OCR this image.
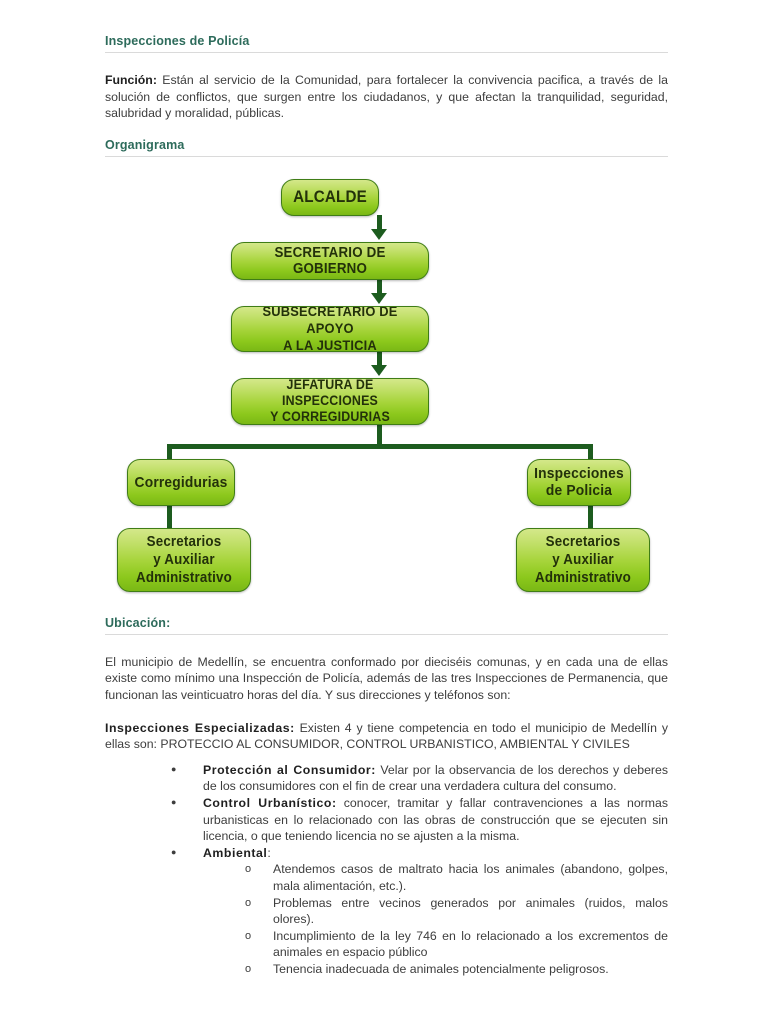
Inspecciones de Policía

Función: Están al servicio de la Comunidad, para fortalecer la convivencia pacifica, a través de la solución de conflictos, que surgen entre los ciudadanos, y que afectan la tranquilidad, seguridad, salubridad y moralidad, públicas.

Organigrama
ALCALDE
SECRETARIO DE GOBIERNO
SUBSECRETARIO DE APOYO
A LA JUSTICIA
JEFATURA DE INSPECCIONES
Y CORREGIDURIAS
Corregidurias	Inspecciones
de Policia
Secretarios
y Auxiliar
Administrativo
Secretarios
y Auxiliar
Administrativo
Ubicación:

El municipio de Medellín, se encuentra conformado por dieciséis comunas, y en cada una de ellas existe como mínimo una Inspección de Policía, además de las tres Inspecciones de Permanencia, que funcionan las veinticuatro horas del día. Y sus direcciones y teléfonos son:

Inspecciones Especializadas: Existen 4 y tiene competencia en todo el municipio de Medellín y ellas son: PROTECCIO AL CONSUMIDOR, CONTROL URBANISTICO, AMBIENTAL Y CIVILES

● Protección al Consumidor: Velar por la observancia de los derechos y deberes de los consumidores con el fin de crear una verdadera cultura del consumo.
● Control Urbanístico: conocer, tramitar y fallar contravenciones a las normas urbanisticas en lo relacionado con las obras de construcción que se ejecuten sin licencia, o que teniendo licencia no se ajusten a la misma.
● Ambiental:
o Atendemos casos de maltrato hacia los animales (abandono, golpes, mala alimentación, etc.).
o Problemas entre vecinos generados por animales (ruidos, malos olores).
o Incumplimiento de la ley 746 en lo relacionado a los excrementos de animales en espacio público
o Tenencia inadecuada de animales potencialmente peligrosos.
